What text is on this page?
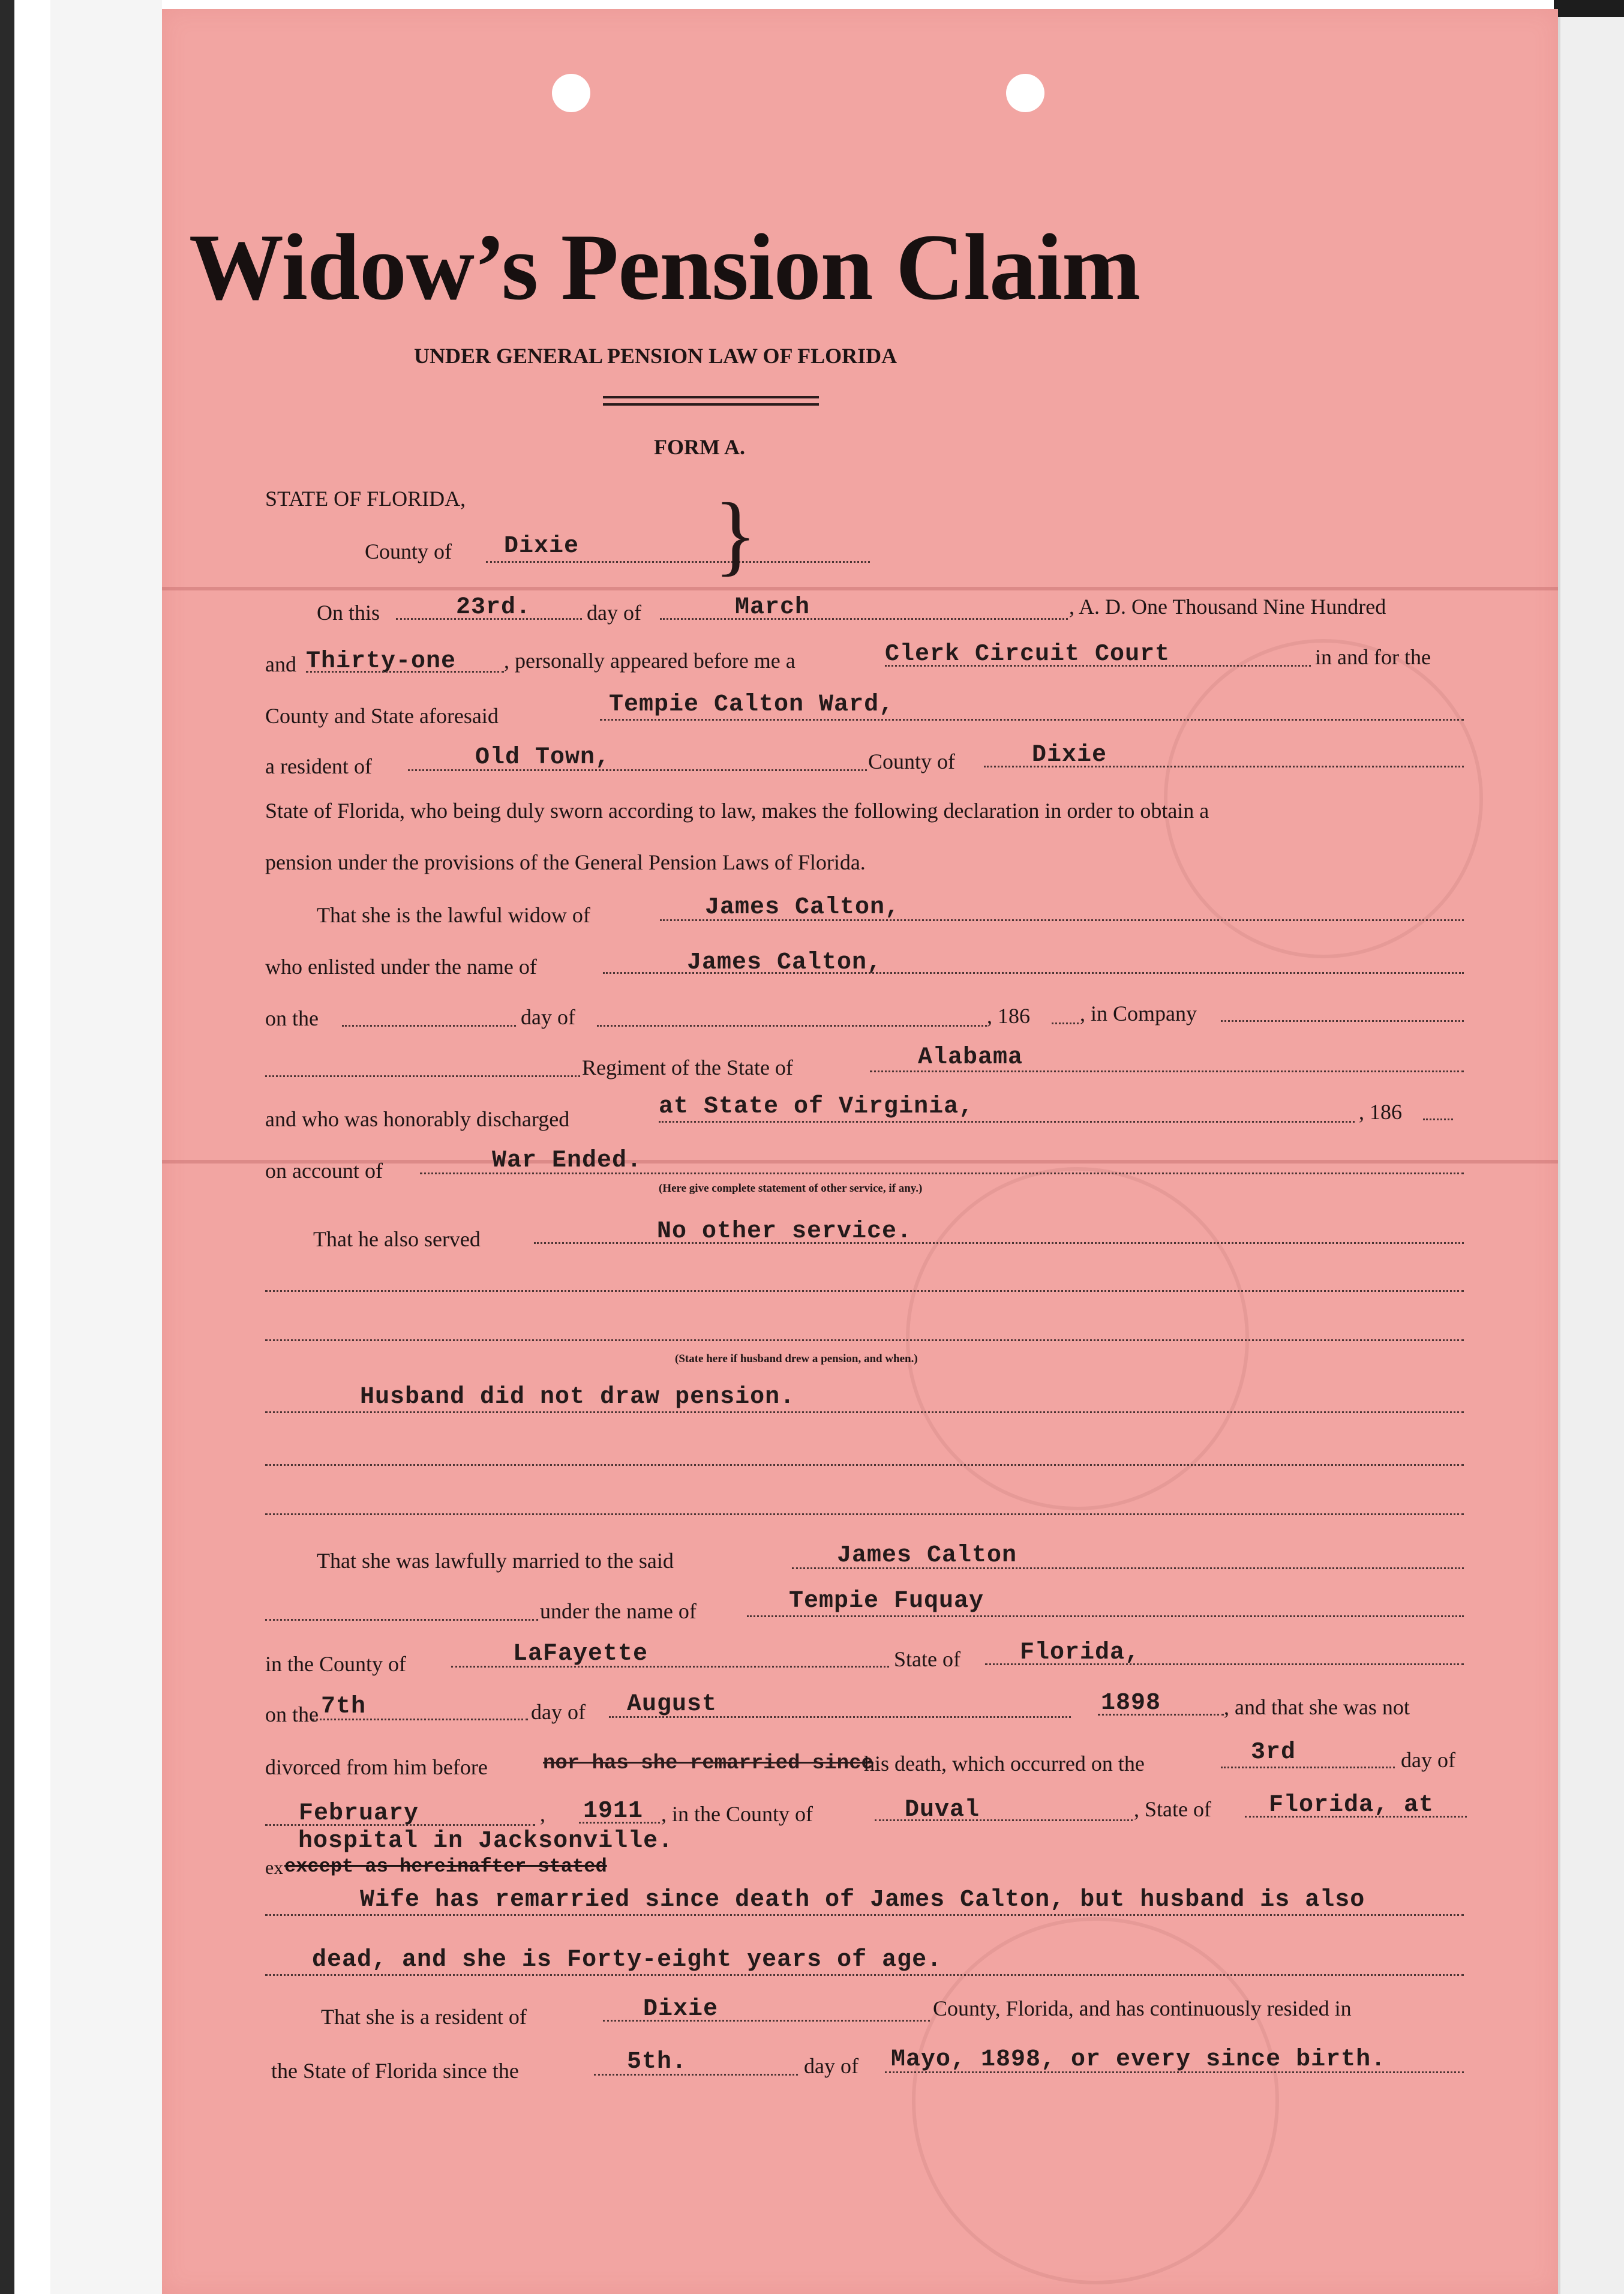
Widow’s Pension Claim
UNDER GENERAL PENSION LAW OF FLORIDA
FORM A.
STATE OF FLORIDA,
County of Dixie }
On this	23rd.	day of	March	, A. D. One Thousand Nine Hundred
and Thirty-one , personally appeared before me a	Clerk Circuit Court	in and for the
County and State aforesaid	Tempie Calton Ward,
a resident of	Old Town,	County of	Dixie
State of Florida, who being duly sworn according to law, makes the following declaration in order to obtain a
pension under the provisions of the General Pension Laws of Florida.
That she is the lawful widow of	James Calton,
who enlisted under the name of	James Calton,
on the	day of	, 186 , in Company
Regiment of the State of	Alabama
and who was honorably discharged	at State of Virginia,	, 186
on account of	War Ended.
(Here give complete statement of other service, if any.)
That he also served	No other service.
(State here if husband drew a pension, and when.)
Husband did not draw pension.
That she was lawfully married to the said	James Calton
under the name of	Tempie Fuquay
in the County of	LaFayette	State of Florida,
on the 7th	day of August	1898	, and that she was not
divorced from him before	nor has she remarried since
his death, which occurred on the	3rd	day of
February	, 1911 , in the County of	Duval	, State of Florida, at
hospital in Jacksonville.
ex except as hereinafter stated
Wife has remarried since death of James Calton, but husband is also
dead, and she is Forty-eight years of age.
That she is a resident of	Dixie	County, Florida, and has continuously resided in
the State of Florida since the	5th.	day of Mayo, 1898, or every since birth.
